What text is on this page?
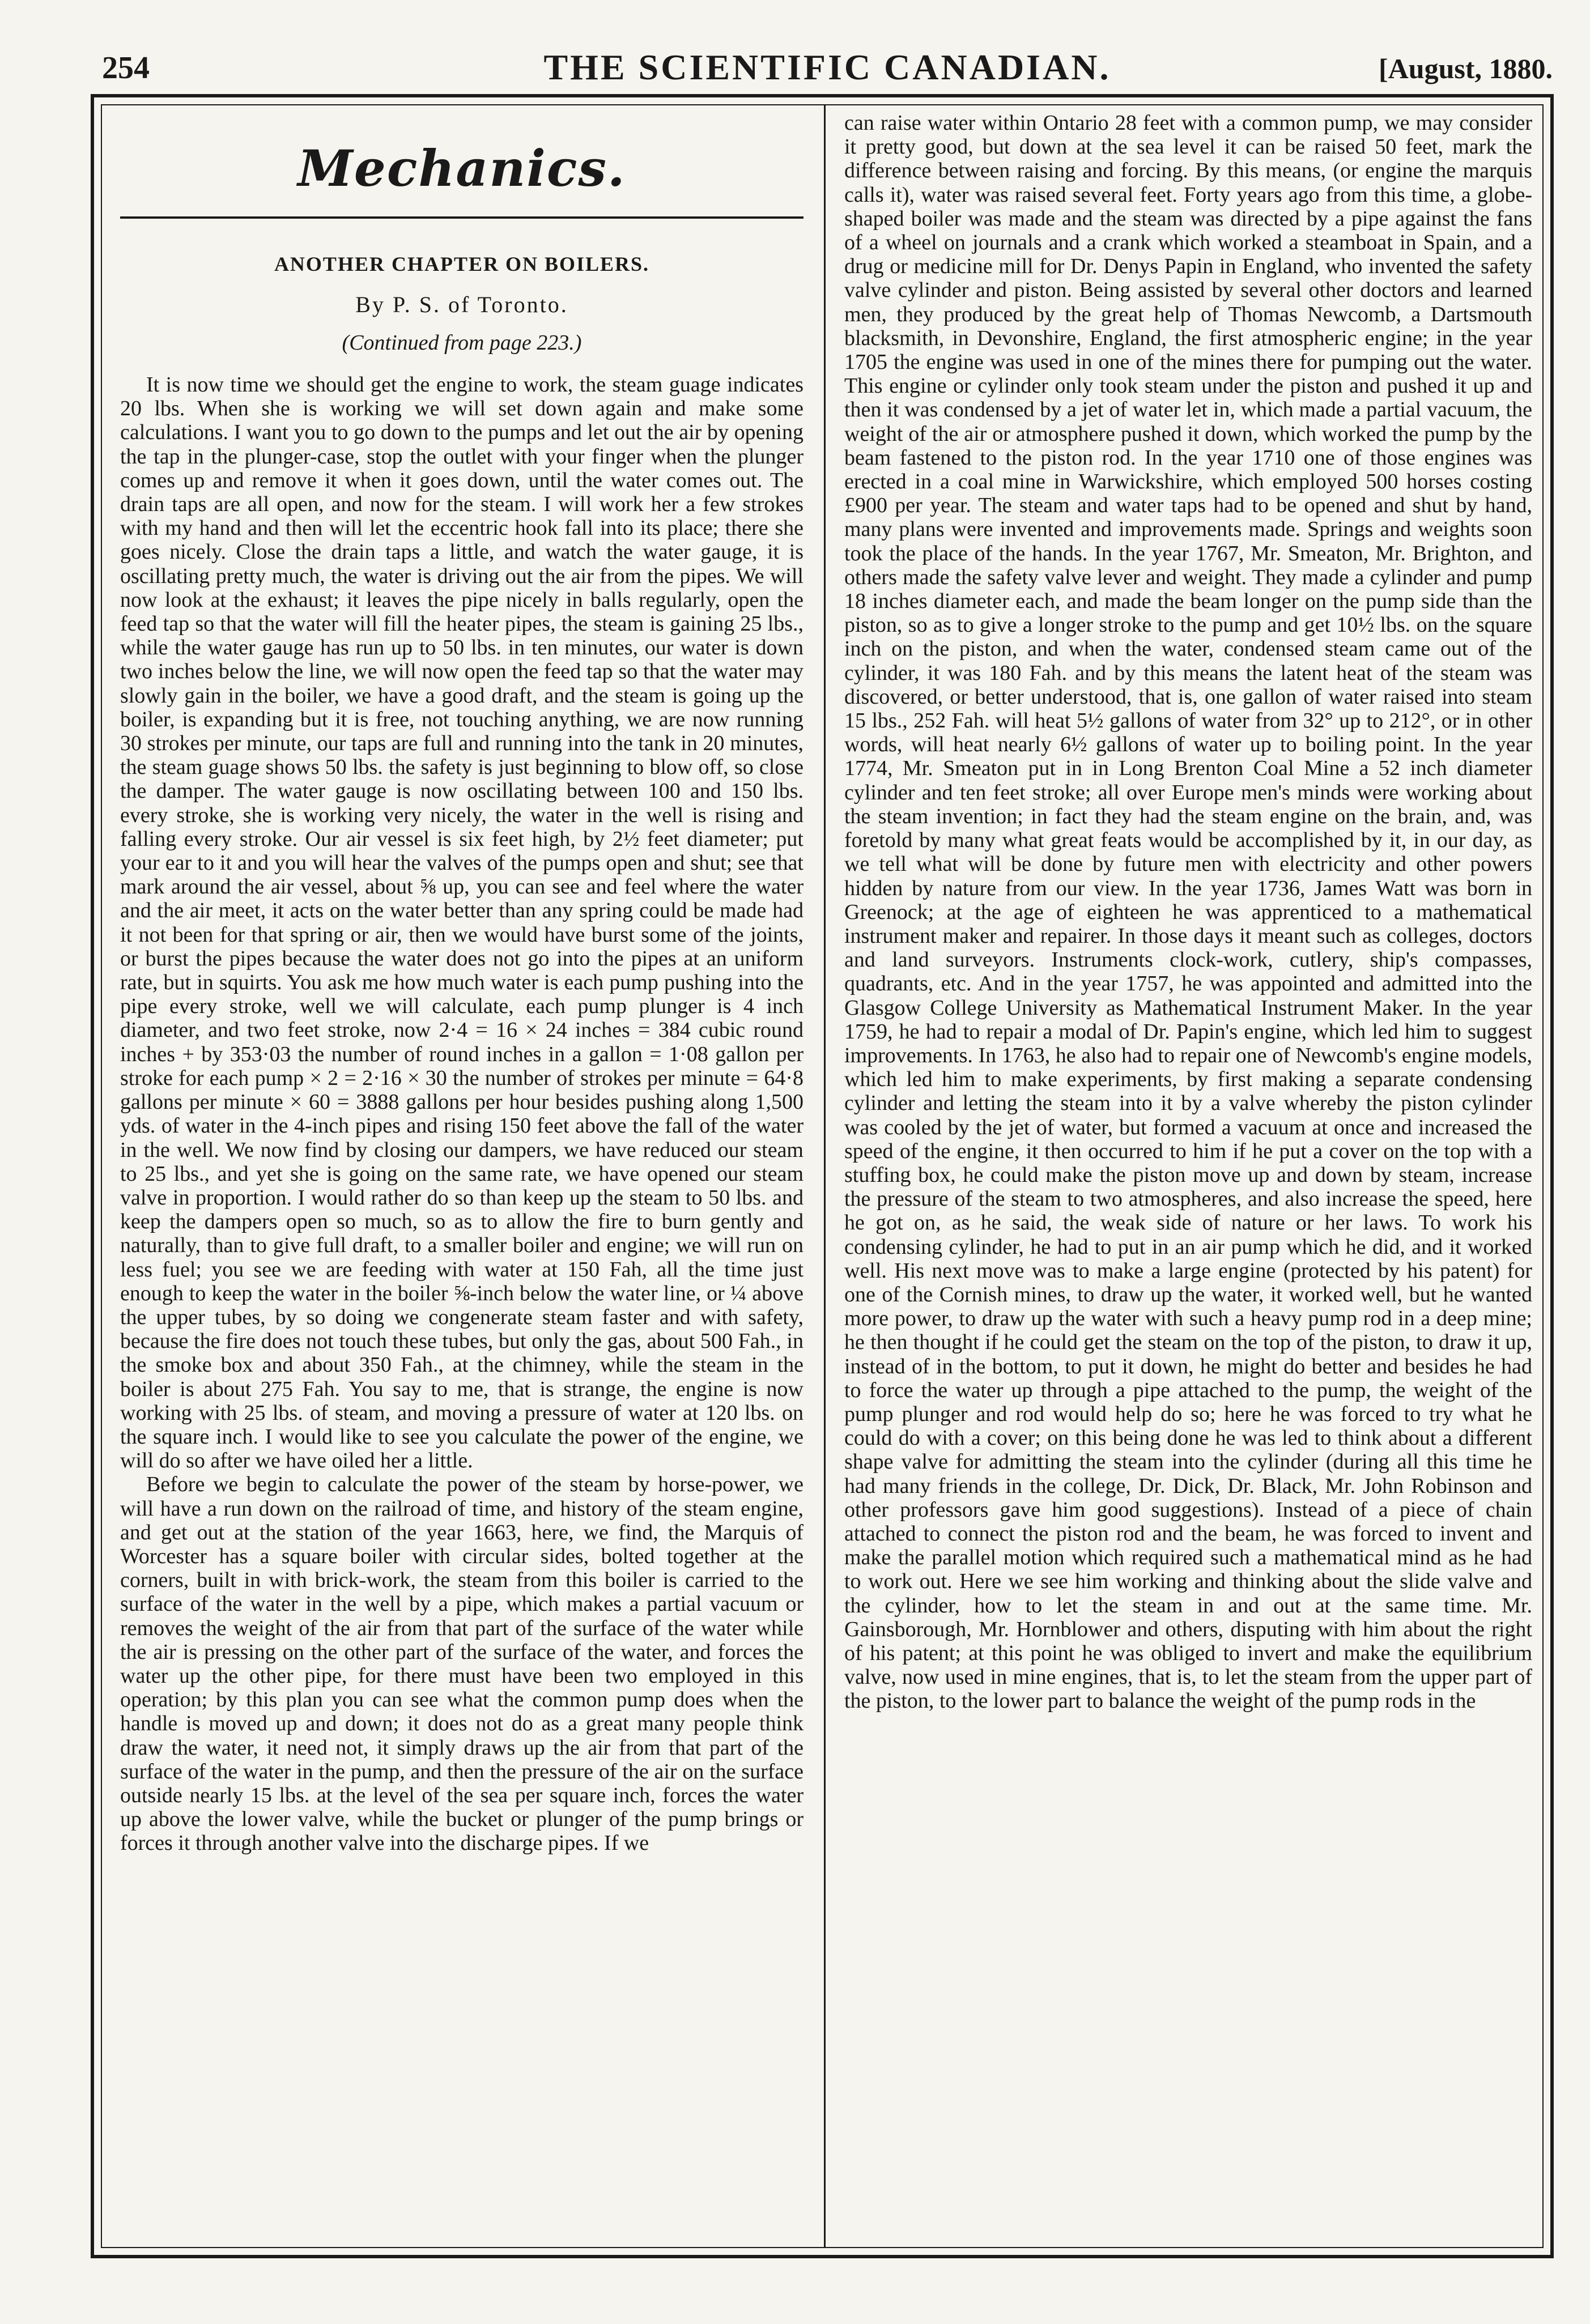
254	THE SCIENTIFIC CANADIAN.	[August, 1880.
Mechanics.
ANOTHER CHAPTER ON BOILERS.
By P. S. of Toronto.
(Continued from page 223.)

It is now time we should get the engine to work, the steam guage indicates 20 lbs. When she is working we will set down again and make some calculations. I want you to go down to the pumps and let out the air by opening the tap in the plunger-case, stop the outlet with your finger when the plunger comes up and remove it when it goes down, until the water comes out. The drain taps are all open, and now for the steam. I will work her a few strokes with my hand and then will let the eccentric hook fall into its place; there she goes nicely. Close the drain taps a little, and watch the water gauge, it is oscillating pretty much, the water is driving out the air from the pipes. We will now look at the exhaust; it leaves the pipe nicely in balls regularly, open the feed tap so that the water will fill the heater pipes, the steam is gaining 25 lbs., while the water gauge has run up to 50 lbs. in ten minutes, our water is down two inches below the line, we will now open the feed tap so that the water may slowly gain in the boiler, we have a good draft, and the steam is going up the boiler, is expanding but it is free, not touching anything, we are now running 30 strokes per minute, our taps are full and running into the tank in 20 minutes, the steam guage shows 50 lbs. the safety is just beginning to blow off, so close the damper. The water gauge is now oscillating between 100 and 150 lbs. every stroke, she is working very nicely, the water in the well is rising and falling every stroke. Our air vessel is six feet high, by 2½ feet diameter; put your ear to it and you will hear the valves of the pumps open and shut; see that mark around the air vessel, about ⅝ up, you can see and feel where the water and the air meet, it acts on the water better than any spring could be made had it not been for that spring or air, then we would have burst some of the joints, or burst the pipes because the water does not go into the pipes at an uniform rate, but in squirts. You ask me how much water is each pump pushing into the pipe every stroke, well we will calculate, each pump plunger is 4 inch diameter, and two feet stroke, now 2·4 = 16 × 24 inches = 384 cubic round inches + by 353·03 the number of round inches in a gallon = 1·08 gallon per stroke for each pump × 2 = 2·16 × 30 the number of strokes per minute = 64·8 gallons per minute × 60 = 3888 gallons per hour besides pushing along 1,500 yds. of water in the 4-inch pipes and rising 150 feet above the fall of the water in the well. We now find by closing our dampers, we have reduced our steam to 25 lbs., and yet she is going on the same rate, we have opened our steam valve in proportion. I would rather do so than keep up the steam to 50 lbs. and keep the dampers open so much, so as to allow the fire to burn gently and naturally, than to give full draft, to a smaller boiler and engine; we will run on less fuel; you see we are feeding with water at 150 Fah, all the time just enough to keep the water in the boiler ⅝-inch below the water line, or ¼ above the upper tubes, by so doing we congenerate steam faster and with safety, because the fire does not touch these tubes, but only the gas, about 500 Fah., in the smoke box and about 350 Fah., at the chimney, while the steam in the boiler is about 275 Fah. You say to me, that is strange, the engine is now working with 25 lbs. of steam, and moving a pressure of water at 120 lbs. on the square inch. I would like to see you calculate the power of the engine, we will do so after we have oiled her a little.

Before we begin to calculate the power of the steam by horse-power, we will have a run down on the railroad of time, and history of the steam engine, and get out at the station of the year 1663, here, we find, the Marquis of Worcester has a square boiler with circular sides, bolted together at the corners, built in with brick-work, the steam from this boiler is carried to the surface of the water in the well by a pipe, which makes a partial vacuum or removes the weight of the air from that part of the surface of the water while the air is pressing on the other part of the surface of the water, and forces the water up the other pipe, for there must have been two employed in this operation; by this plan you can see what the common pump does when the handle is moved up and down; it does not do as a great many people think draw the water, it need not, it simply draws up the air from that part of the surface of the water in the pump, and then the pressure of the air on the surface outside nearly 15 lbs. at the level of the sea per square inch, forces the water up above the lower valve, while the bucket or plunger of the pump brings or forces it through another valve into the discharge pipes. If we

can raise water within Ontario 28 feet with a common pump, we may consider it pretty good, but down at the sea level it can be raised 50 feet, mark the difference between raising and forcing. By this means, (or engine the marquis calls it), water was raised several feet. Forty years ago from this time, a globe-shaped boiler was made and the steam was directed by a pipe against the fans of a wheel on journals and a crank which worked a steamboat in Spain, and a drug or medicine mill for Dr. Denys Papin in England, who invented the safety valve cylinder and piston. Being assisted by several other doctors and learned men, they produced by the great help of Thomas Newcomb, a Dartsmouth blacksmith, in Devonshire, England, the first atmospheric engine; in the year 1705 the engine was used in one of the mines there for pumping out the water. This engine or cylinder only took steam under the piston and pushed it up and then it was condensed by a jet of water let in, which made a partial vacuum, the weight of the air or atmosphere pushed it down, which worked the pump by the beam fastened to the piston rod. In the year 1710 one of those engines was erected in a coal mine in Warwickshire, which employed 500 horses costing £900 per year. The steam and water taps had to be opened and shut by hand, many plans were invented and improvements made. Springs and weights soon took the place of the hands. In the year 1767, Mr. Smeaton, Mr. Brighton, and others made the safety valve lever and weight. They made a cylinder and pump 18 inches diameter each, and made the beam longer on the pump side than the piston, so as to give a longer stroke to the pump and get 10½ lbs. on the square inch on the piston, and when the water, condensed steam came out of the cylinder, it was 180 Fah. and by this means the latent heat of the steam was discovered, or better understood, that is, one gallon of water raised into steam 15 lbs., 252 Fah. will heat 5½ gallons of water from 32° up to 212°, or in other words, will heat nearly 6½ gallons of water up to boiling point. In the year 1774, Mr. Smeaton put in in Long Brenton Coal Mine a 52 inch diameter cylinder and ten feet stroke; all over Europe men's minds were working about the steam invention; in fact they had the steam engine on the brain, and, was foretold by many what great feats would be accomplished by it, in our day, as we tell what will be done by future men with electricity and other powers hidden by nature from our view. In the year 1736, James Watt was born in Greenock; at the age of eighteen he was apprenticed to a mathematical instrument maker and repairer. In those days it meant such as colleges, doctors and land surveyors. Instruments clock-work, cutlery, ship's compasses, quadrants, etc. And in the year 1757, he was appointed and admitted into the Glasgow College University as Mathematical Instrument Maker. In the year 1759, he had to repair a modal of Dr. Papin's engine, which led him to suggest improvements. In 1763, he also had to repair one of Newcomb's engine models, which led him to make experiments, by first making a separate condensing cylinder and letting the steam into it by a valve whereby the piston cylinder was cooled by the jet of water, but formed a vacuum at once and increased the speed of the engine, it then occurred to him if he put a cover on the top with a stuffing box, he could make the piston move up and down by steam, increase the pressure of the steam to two atmospheres, and also increase the speed, here he got on, as he said, the weak side of nature or her laws. To work his condensing cylinder, he had to put in an air pump which he did, and it worked well. His next move was to make a large engine (protected by his patent) for one of the Cornish mines, to draw up the water, it worked well, but he wanted more power, to draw up the water with such a heavy pump rod in a deep mine; he then thought if he could get the steam on the top of the piston, to draw it up, instead of in the bottom, to put it down, he might do better and besides he had to force the water up through a pipe attached to the pump, the weight of the pump plunger and rod would help do so; here he was forced to try what he could do with a cover; on this being done he was led to think about a different shape valve for admitting the steam into the cylinder (during all this time he had many friends in the college, Dr. Dick, Dr. Black, Mr. John Robinson and other professors gave him good suggestions). Instead of a piece of chain attached to connect the piston rod and the beam, he was forced to invent and make the parallel motion which required such a mathematical mind as he had to work out. Here we see him working and thinking about the slide valve and the cylinder, how to let the steam in and out at the same time. Mr. Gainsborough, Mr. Hornblower and others, disputing with him about the right of his patent; at this point he was obliged to invert and make the equilibrium valve, now used in mine engines, that is, to let the steam from the upper part of the piston, to the lower part to balance the weight of the pump rods in the
